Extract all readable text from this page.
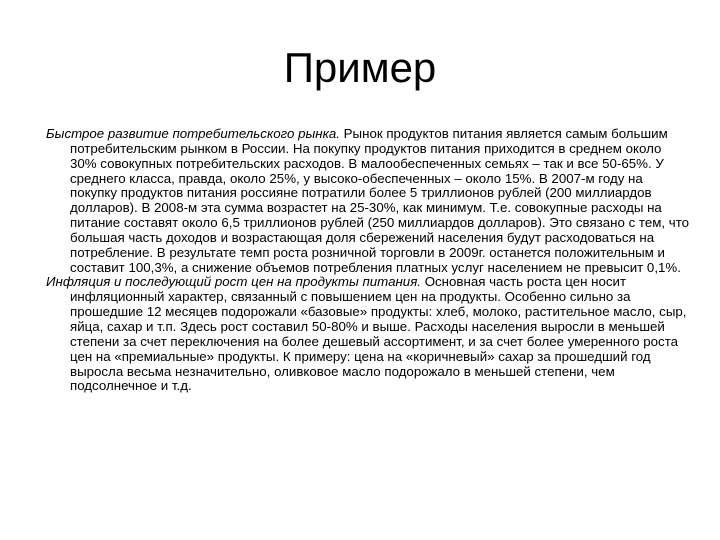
Пример

Быстрое развитие потребительского рынка. Рынок продуктов питания является самым большим потребительским рынком в России. На покупку продуктов питания приходится в среднем около 30% совокупных потребительских расходов. В малообеспеченных семьях – так и все 50-65%. У среднего класса, правда, около 25%, у высоко-обеспеченных – около 15%. В 2007-м году на покупку продуктов питания россияне потратили более 5 триллионов рублей (200 миллиардов долларов). В 2008-м эта сумма возрастет на 25-30%, как минимум. Т.е. совокупные расходы на питание составят около 6,5 триллионов рублей (250 миллиардов долларов). Это связано с тем, что большая часть доходов и возрастающая доля сбережений населения будут расходоваться на потребление. В результате темп роста розничной торговли в 2009г. останется положительным и составит 100,3%, а снижение объемов потребления платных услуг населением не превысит 0,1%.

Инфляция и последующий рост цен на продукты питания. Основная часть роста цен носит инфляционный характер, связанный с повышением цен на продукты. Особенно сильно за прошедшие 12 месяцев подорожали «базовые» продукты: хлеб, молоко, растительное масло, сыр, яйца, сахар и т.п. Здесь рост составил 50-80% и выше. Расходы населения выросли в меньшей степени за счет переключения на более дешевый ассортимент, и за счет более умеренного роста цен на «премиальные» продукты. К примеру: цена на «коричневый» сахар за прошедший год выросла весьма незначительно, оливковое масло подорожало в меньшей степени, чем подсолнечное и т.д.
